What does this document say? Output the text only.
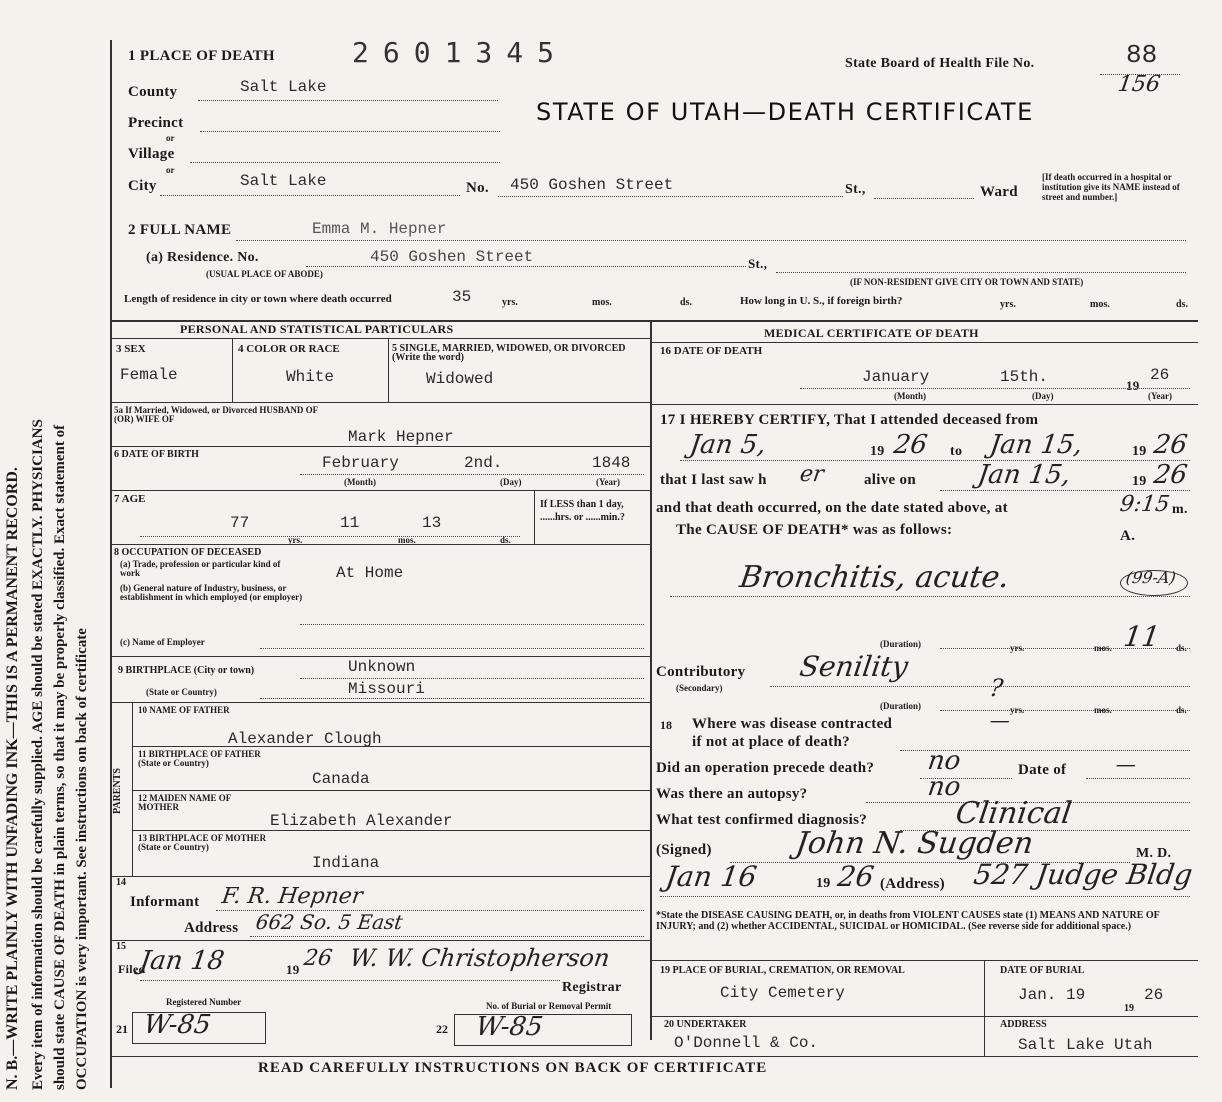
N. B.—WRITE PLAINLY WITH UNFADING INK—THIS IS A PERMANENT RECORD. Every item of information should be carefully supplied. AGE should be stated EXACTLY. PHYSICIANS should state CAUSE OF DEATH in plain terms, so that it may be properly classified. Exact statement of OCCUPATION is very important. See instructions on back of certificate
1 PLACE OF DEATH	2601345	State Board of Health File No.	88
156
STATE OF UTAH—DEATH CERTIFICATE
County	Salt Lake
Precinct
or
Village
or
City	Salt Lake	No. 450 Goshen Street	St.,	Ward
[If death occurred in a hospital or institution give its NAME instead of street and number.]
2 FULL NAME	Emma M. Hepner
(a) Residence. No.
(USUAL PLACE OF ABODE)
450 Goshen Street	St.,
(IF NON-RESIDENT GIVE CITY OR TOWN AND STATE)
Length of residence in city or town where death occurred	35	yrs.	mos.	ds.	How long in U. S., if foreign birth?	yrs.	mos.	ds.
PERSONAL AND STATISTICAL PARTICULARS
3 SEX
Female
4 COLOR OR RACE
White
5 SINGLE, MARRIED, WIDOWED, OR DIVORCED (Write the word)
Widowed
5a If Married, Widowed, or Divorced HUSBAND OF (OR) WIFE OF
Mark Hepner
6 DATE OF BIRTH	February	2nd.	1848
(Month)	(Day)	(Year)
7 AGE
77	11	13
yrs.	mos.	ds.
If LESS than 1 day, ......hrs. or ......min.?
8 OCCUPATION OF DECEASED
(a) Trade, profession or particular kind of work	At Home
(b) General nature of Industry, business, or establishment in which employed (or employer)
(c) Name of Employer
9 BIRTHPLACE (City or town)	Unknown
(State or Country)	Missouri
PARENTS
10 NAME OF FATHER
Alexander Clough
11 BIRTHPLACE OF FATHER (State or Country)
Canada
12 MAIDEN NAME OF MOTHER
Elizabeth Alexander
13 BIRTHPLACE OF MOTHER (State or Country)
Indiana
14
Informant F. R. Hepner
Address 662 So. 5 East
15
Filed
Jan 18	19 26 W. W. Christopherson
Registrar
Registered Number	No. of Burial or Removal Permit
21 W-85	22 W-85
MEDICAL CERTIFICATE OF DEATH
16 DATE OF DEATH
January	15th.	19
26
(Month)	(Day)	(Year)
17 I HEREBY CERTIFY, That I attended deceased from
Jan 5,	19 26 to Jan 15,	19 26
that I last saw h er	alive on Jan 15,	19 26
and that death occurred, on the date stated above, at	9:15 m.
The CAUSE OF DEATH* was as follows:	A.
Bronchitis, acute.	(99-A)
(Duration)	yrs.	mos. 11 ds.
Contributory
(Secondary)
Senility
?
(Duration)	yrs.	mos.	ds.
18 Where was disease contracted
if not at place of death?
—
Did an operation precede death? no	Date of —
Was there an autopsy?	no
What test confirmed diagnosis?	Clinical
(Signed)	John N. Sugden	M. D.
Jan 16	19 26 (Address) 527 Judge Bldg
*State the DISEASE CAUSING DEATH, or, in deaths from VIOLENT CAUSES state (1) MEANS AND NATURE OF INJURY; and (2) whether ACCIDENTAL, SUICIDAL or HOMICIDAL. (See reverse side for additional space.)
19 PLACE OF BURIAL, CREMATION, OR REMOVAL
City Cemetery
DATE OF BURIAL
Jan. 19
19
26
20 UNDERTAKER
O'Donnell & Co.
ADDRESS
Salt Lake Utah
READ CAREFULLY INSTRUCTIONS ON BACK OF CERTIFICATE
